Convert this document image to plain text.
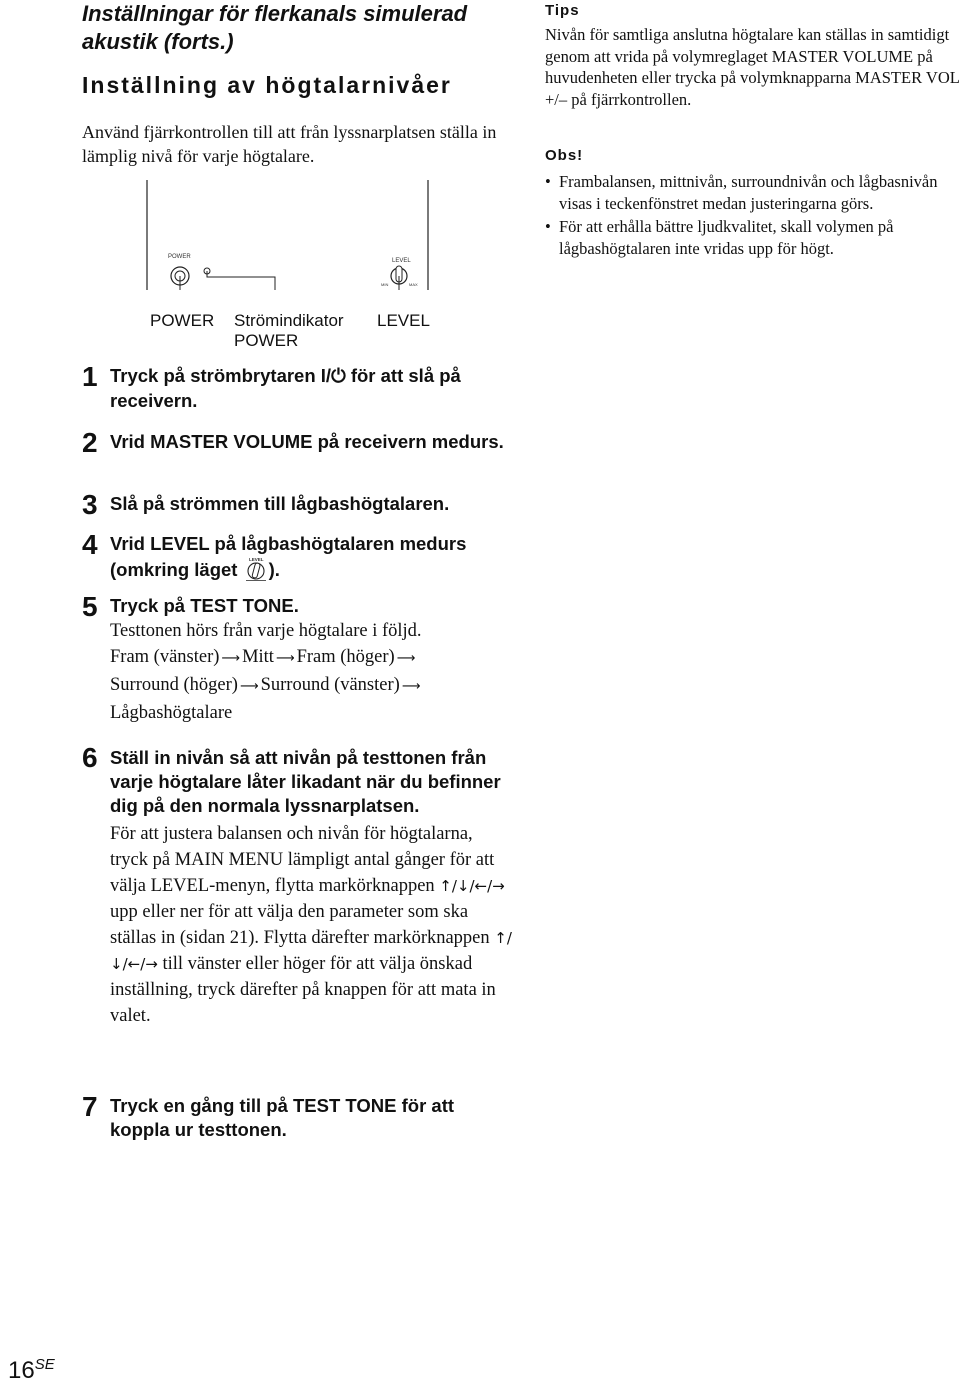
Inställningar för flerkanals simulerad akustik (forts.)
Inställning av högtalarnivåer
Använd fjärrkontrollen till att från lyssnarplatsen ställa in lämplig nivå för varje högtalare.
Tips
Nivån för samtliga anslutna högtalare kan ställas in samtidigt genom att vrida på volymreglaget MASTER VOLUME på huvudenheten eller trycka på volymknapparna MASTER VOL +/– på fjärrkontrollen.
Obs!
• Frambalansen, mittnivån, surroundnivån och lågbasnivån visas i teckenfönstret medan justeringarna görs.
• För att erhålla bättre ljudkvalitet, skall volymen på lågbashögtalaren inte vridas upp för högt.
POWER
LEVEL
MIN	MAX
POWER Strömindikator
POWER
LEVEL
1 Tryck på strömbrytaren I/⏻ för att slå på receivern.
2 Vrid MASTER VOLUME på receivern medurs.
3 Slå på strömmen till lågbashögtalaren.
4 Vrid LEVEL på lågbashögtalaren medurs (omkring läget LEVEL ).
5 Tryck på TEST TONE.
Testtonen hörs från varje högtalare i följd.
Fram (vänster) ⟶ Mitt ⟶ Fram (höger) ⟶
Surround (höger) ⟶ Surround (vänster) ⟶
Lågbashögtalare
6 Ställ in nivån så att nivån på testtonen från varje högtalare låter likadant när du befinner dig på den normala lyssnarplatsen.
För att justera balansen och nivån för högtalarna, tryck på MAIN MENU lämpligt antal gånger för att välja LEVEL-menyn, flytta markörknappen ↑/↓/←/→ upp eller ner för att välja den parameter som ska ställas in (sidan 21). Flytta därefter markörknappen ↑/↓/←/→ till vänster eller höger för att välja önskad inställning, tryck därefter på knappen för att mata in valet.
7 Tryck en gång till på TEST TONE för att koppla ur testtonen.
$16^{SE}$
